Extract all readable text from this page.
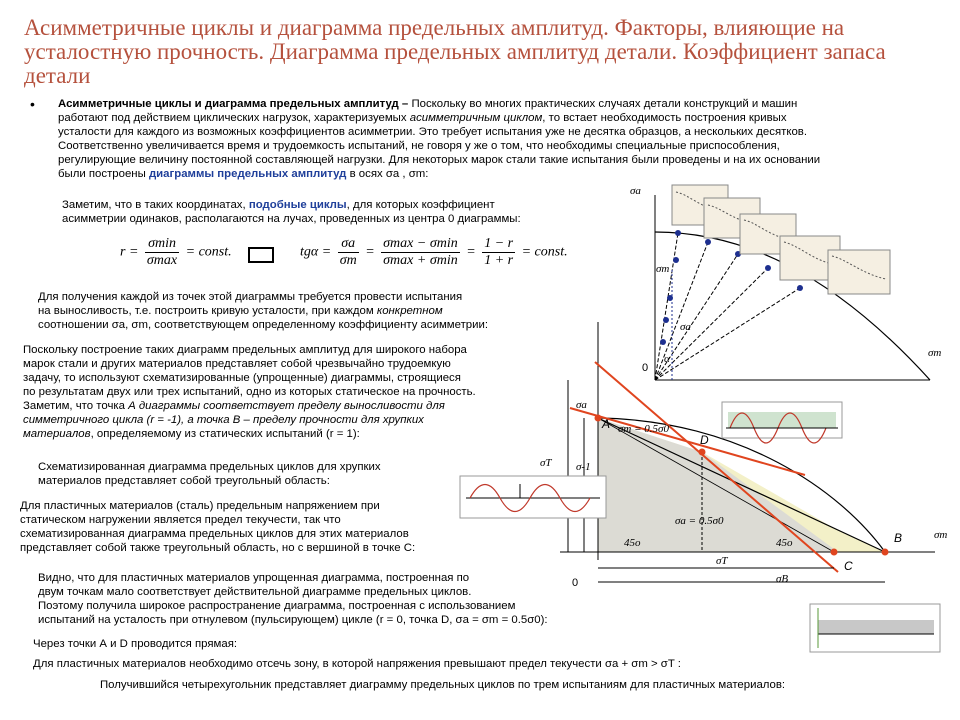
Асимметричные циклы и диаграмма предельных амплитуд. Факторы, влияющие на усталостную прочность. Диаграмма предельных амплитуд детали. Коэффициент запаса детали
• Асимметричные циклы и диаграмма предельных амплитуд – Поскольку во многих практических случаях детали конструкций и машин

работают под действием циклических нагрузок, характеризуемых асимметричным циклом, то встает необходимость построения кривых

усталости для каждого из возможных коэффициентов асимметрии. Это требует испытания уже не десятка образцов, а нескольких десятков.

Соответственно увеличивается время и трудоемкость испытаний, не говоря у же о том, что необходимы специальные приспособления,

регулирующие величину постоянной составляющей нагрузки. Для некоторых марок стали такие испытания были проведены и на их основании

были построены диаграммы предельных амплитуд в осях σa , σm:

Заметим, что в таких координатах, подобные циклы, для которых коэффициент

асимметрии одинаков, располагаются на лучах, проведенных из центра 0 диаграммы:

$r = \frac{\sigma\min}{\sigma\max}$ = const.	$tg\alpha = \frac{\sigma a}{\sigma m} = \frac{\sigma\max - \sigma\min}{\sigma\max + \sigma\min} = \frac{1 - r}{1 + r}$ = const.

Для получения каждой из точек этой диаграммы требуется провести испытания

на выносливость, т.е. построить кривую усталости, при каждом конкретном

соотношении σa, σm, соответствующем определенному коэффициенту асимметрии:

Поскольку построение таких диаграмм предельных амплитуд для широкого набора

марок стали и других материалов представляет собой чрезвычайно трудоемкую

задачу, то используют схематизированные (упрощенные) диаграммы, строящиеся

по результатам двух или трех испытаний, одно из которых статическое на прочность.

Заметим, что точка А диаграммы соответствует пределу выносливости для

симметричного цикла (r = -1), а точка В – пределу прочности для хрупких

материалов, определяемому из статических испытаний (r = 1):

Схематизированная диаграмма предельных циклов для хрупких

материалов представляет собой треугольный область:

Для пластичных материалов (сталь) предельным напряжением при

статическом нагружении является предел текучести, так что

схематизированная диаграмма предельных циклов для этих материалов

представляет собой также треугольный область, но с вершиной в точке С:

Видно, что для пластичных материалов упрощенная диаграмма, построенная по

двум точкам мало соответствует действительной диаграмме предельных циклов.

Поэтому получила широкое распространение диаграмма, построенная с использованием

испытаний на усталость при отнулевом (пульсирующем) цикле (r = 0, точка D, σa = σm = 0.5σ0):

Через точки А и D проводится прямая:

Для пластичных материалов необходимо отсечь зону, в которой напряжения превышают предел текучести σa + σm > σT :

Получившийся четырехугольник представляет диаграмму предельных циклов по трем испытаниям для пластичных материалов:

σa
σm
σm
σa
α
0
σa
σT σ-1
A
D
C
B
σm = 0.5σ0
σa = 0.5σ0
45o	45o
σT
σB
σm
0
